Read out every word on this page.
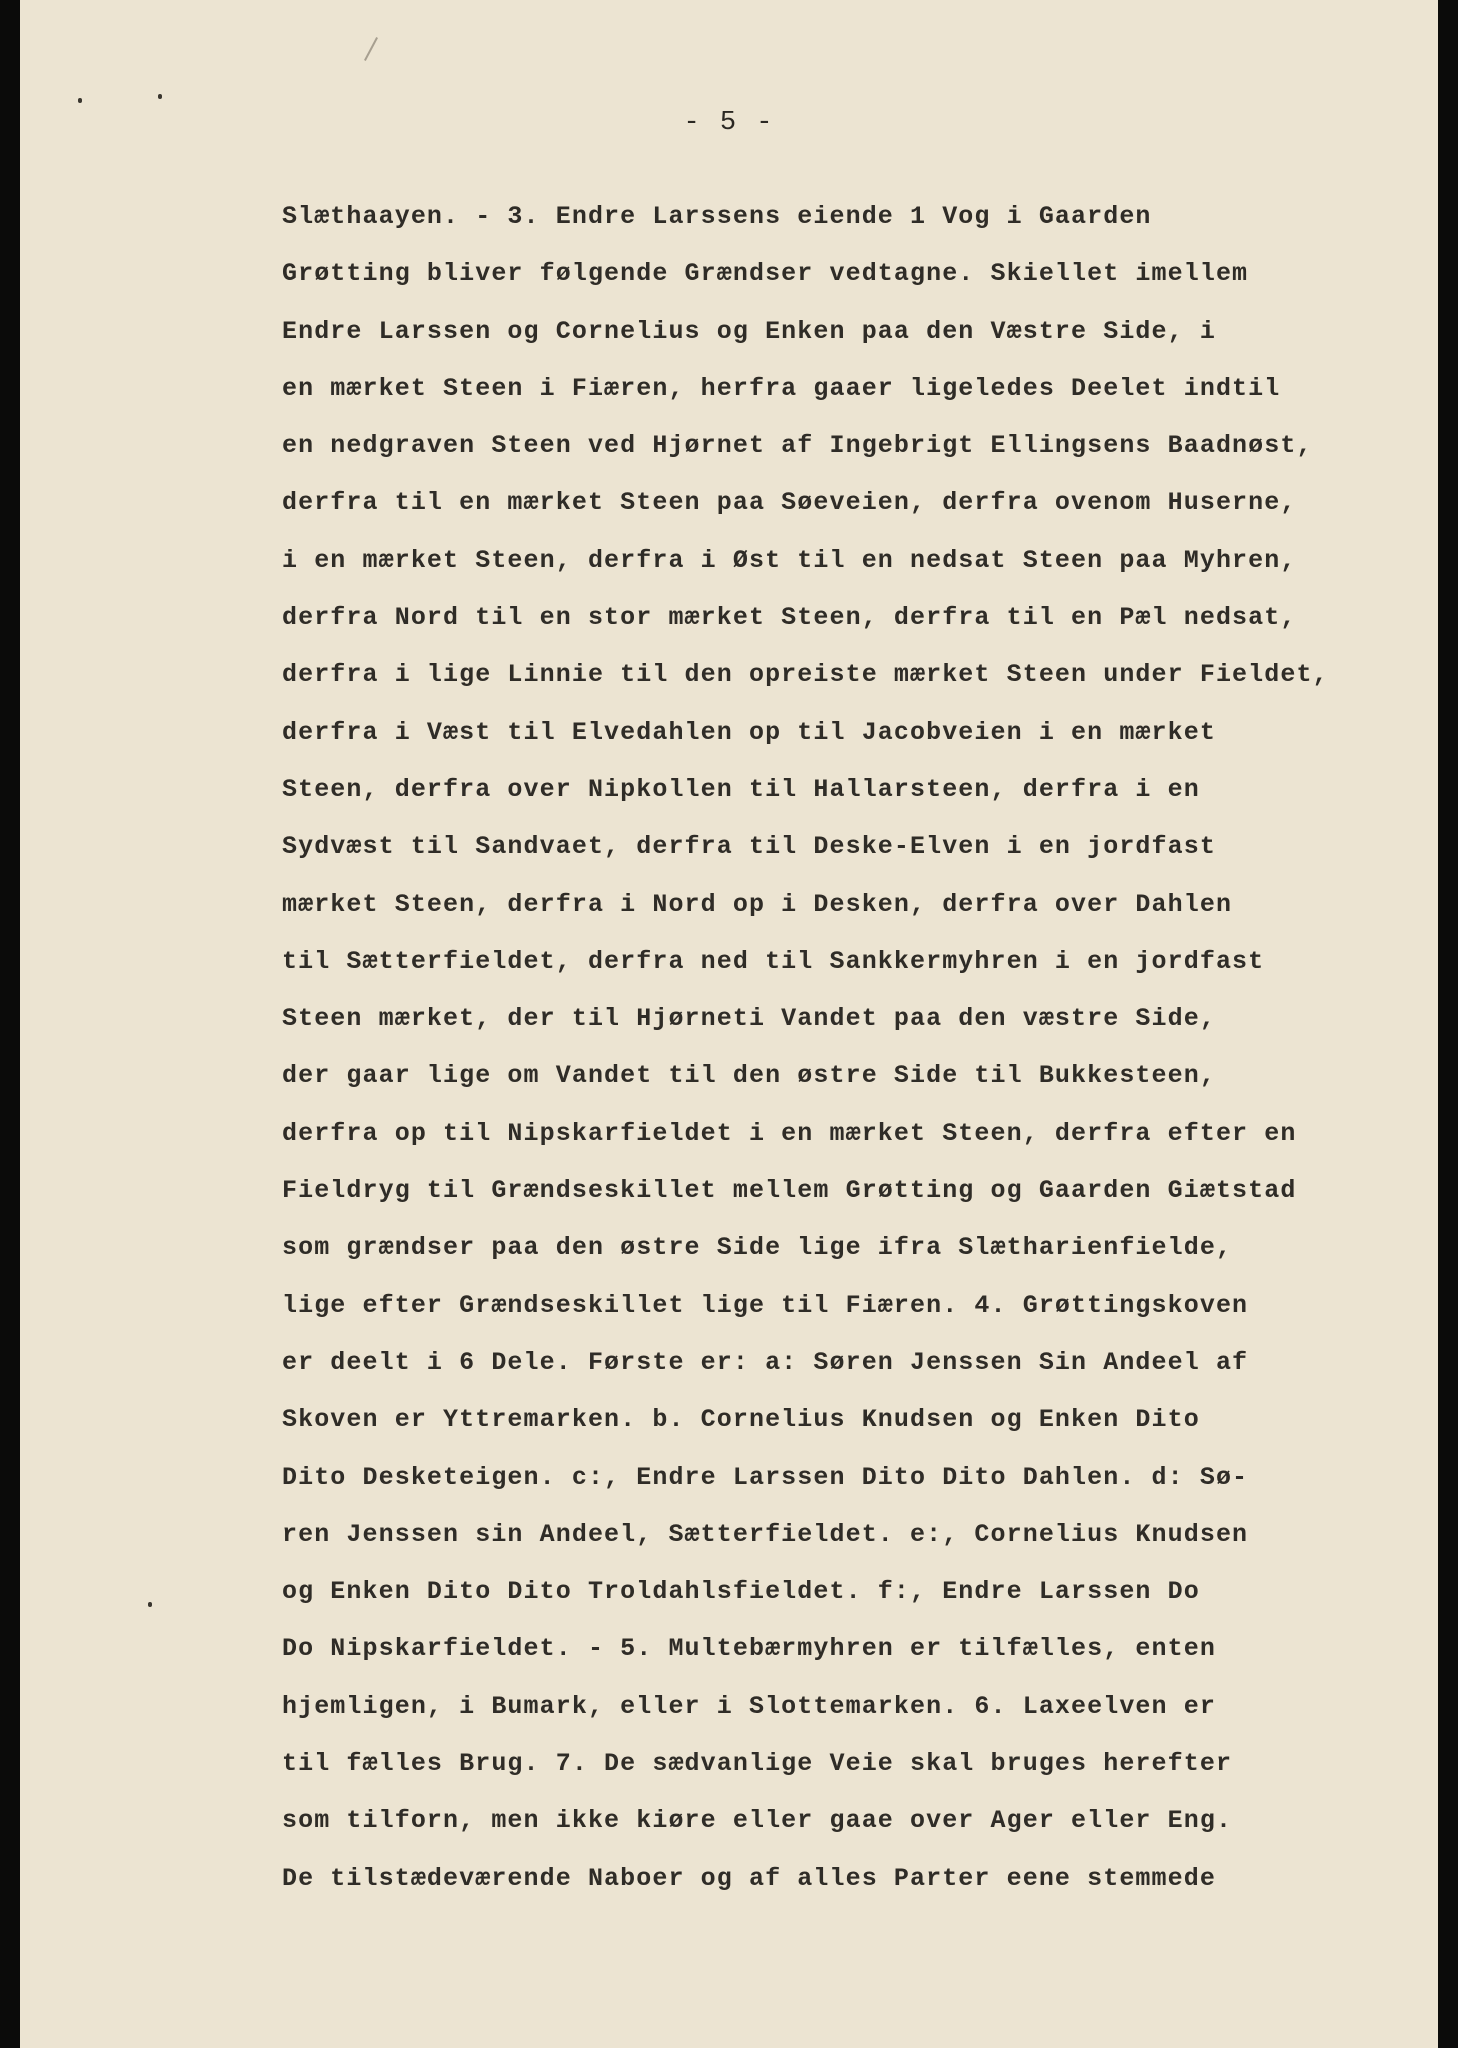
- 5 -
Slæthaayen. - 3. Endre Larssens eiende 1 Vog i Gaarden
Grøtting bliver følgende Grændser vedtagne. Skiellet imellem
Endre Larssen og Cornelius og Enken paa den Væstre Side, i
en mærket Steen i Fiæren, herfra gaaer ligeledes Deelet indtil
en nedgraven Steen ved Hjørnet af Ingebrigt Ellingsens Baadnøst,
derfra til en mærket Steen paa Søeveien, derfra ovenom Huserne,
i en mærket Steen, derfra i Øst til en nedsat Steen paa Myhren,
derfra Nord til en stor mærket Steen, derfra til en Pæl nedsat,
derfra i lige Linnie til den opreiste mærket Steen under Fieldet,
derfra i Væst til Elvedahlen op til Jacobveien i en mærket
Steen, derfra over Nipkollen til Hallarsteen, derfra i en
Sydvæst til Sandvaet, derfra til Deske-Elven i en jordfast
mærket Steen, derfra i Nord op i Desken, derfra over Dahlen
til Sætterfieldet, derfra ned til Sankkermyhren i en jordfast
Steen mærket, der til Hjørneti Vandet paa den væstre Side,
der gaar lige om Vandet til den østre Side til Bukkesteen,
derfra op til Nipskarfieldet i en mærket Steen, derfra efter en
Fieldryg til Grændseskillet mellem Grøtting og Gaarden Giætstad
som grændser paa den østre Side lige ifra Slætharienfielde,
lige efter Grændseskillet lige til Fiæren. 4. Grøttingskoven
er deelt i 6 Dele. Første er: a: Søren Jenssen Sin Andeel af
Skoven er Yttremarken. b. Cornelius Knudsen og Enken Dito
Dito Desketeigen. c:, Endre Larssen Dito Dito Dahlen. d: Sø-
ren Jenssen sin Andeel, Sætterfieldet. e:, Cornelius Knudsen
og Enken Dito Dito Troldahlsfieldet. f:, Endre Larssen Do
Do Nipskarfieldet. - 5. Multebærmyhren er tilfælles, enten
hjemligen, i Bumark, eller i Slottemarken. 6. Laxeelven er
til fælles Brug. 7. De sædvanlige Veie skal bruges herefter
som tilforn, men ikke kiøre eller gaae over Ager eller Eng.
De tilstædeværende Naboer og af alles Parter eene stemmede
